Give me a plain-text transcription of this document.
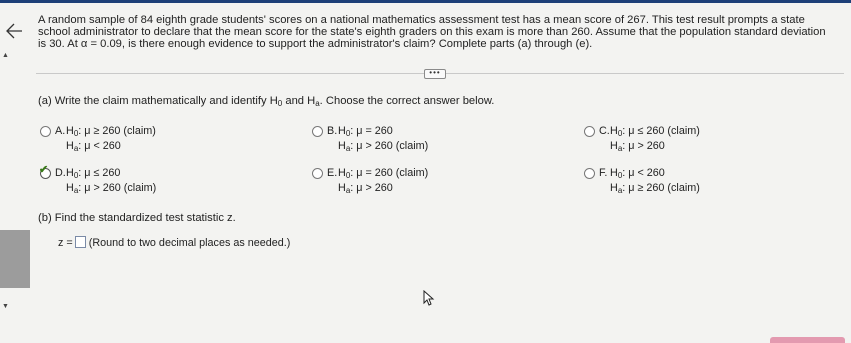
▲
▼
A random sample of 84 eighth grade students' scores on a national mathematics assessment test has a mean score of 267. This test result prompts a state school administrator to declare that the mean score for the state's eighth graders on this exam is more than 260. Assume that the population standard deviation is 30. At α = 0.09, is there enough evidence to support the administrator's claim? Complete parts (a) through (e).
•••
(a) Write the claim mathematically and identify $H_0$ and $H_a$. Choose the correct answer below.
A. $H_0$: μ ≥ 260 (claim)
$H_a$: μ < 260
B. $H_0$: μ = 260
$H_a$: μ > 260 (claim)
C. $H_0$: μ ≤ 260 (claim)
$H_a$: μ > 260
✔ D. $H_0$: μ ≤ 260
$H_a$: μ > 260 (claim)
E. $H_0$: μ = 260 (claim)
$H_a$: μ > 260
F. $H_0$: μ < 260
$H_a$: μ ≥ 260 (claim)
(b) Find the standardized test statistic z.
z = (Round to two decimal places as needed.)
